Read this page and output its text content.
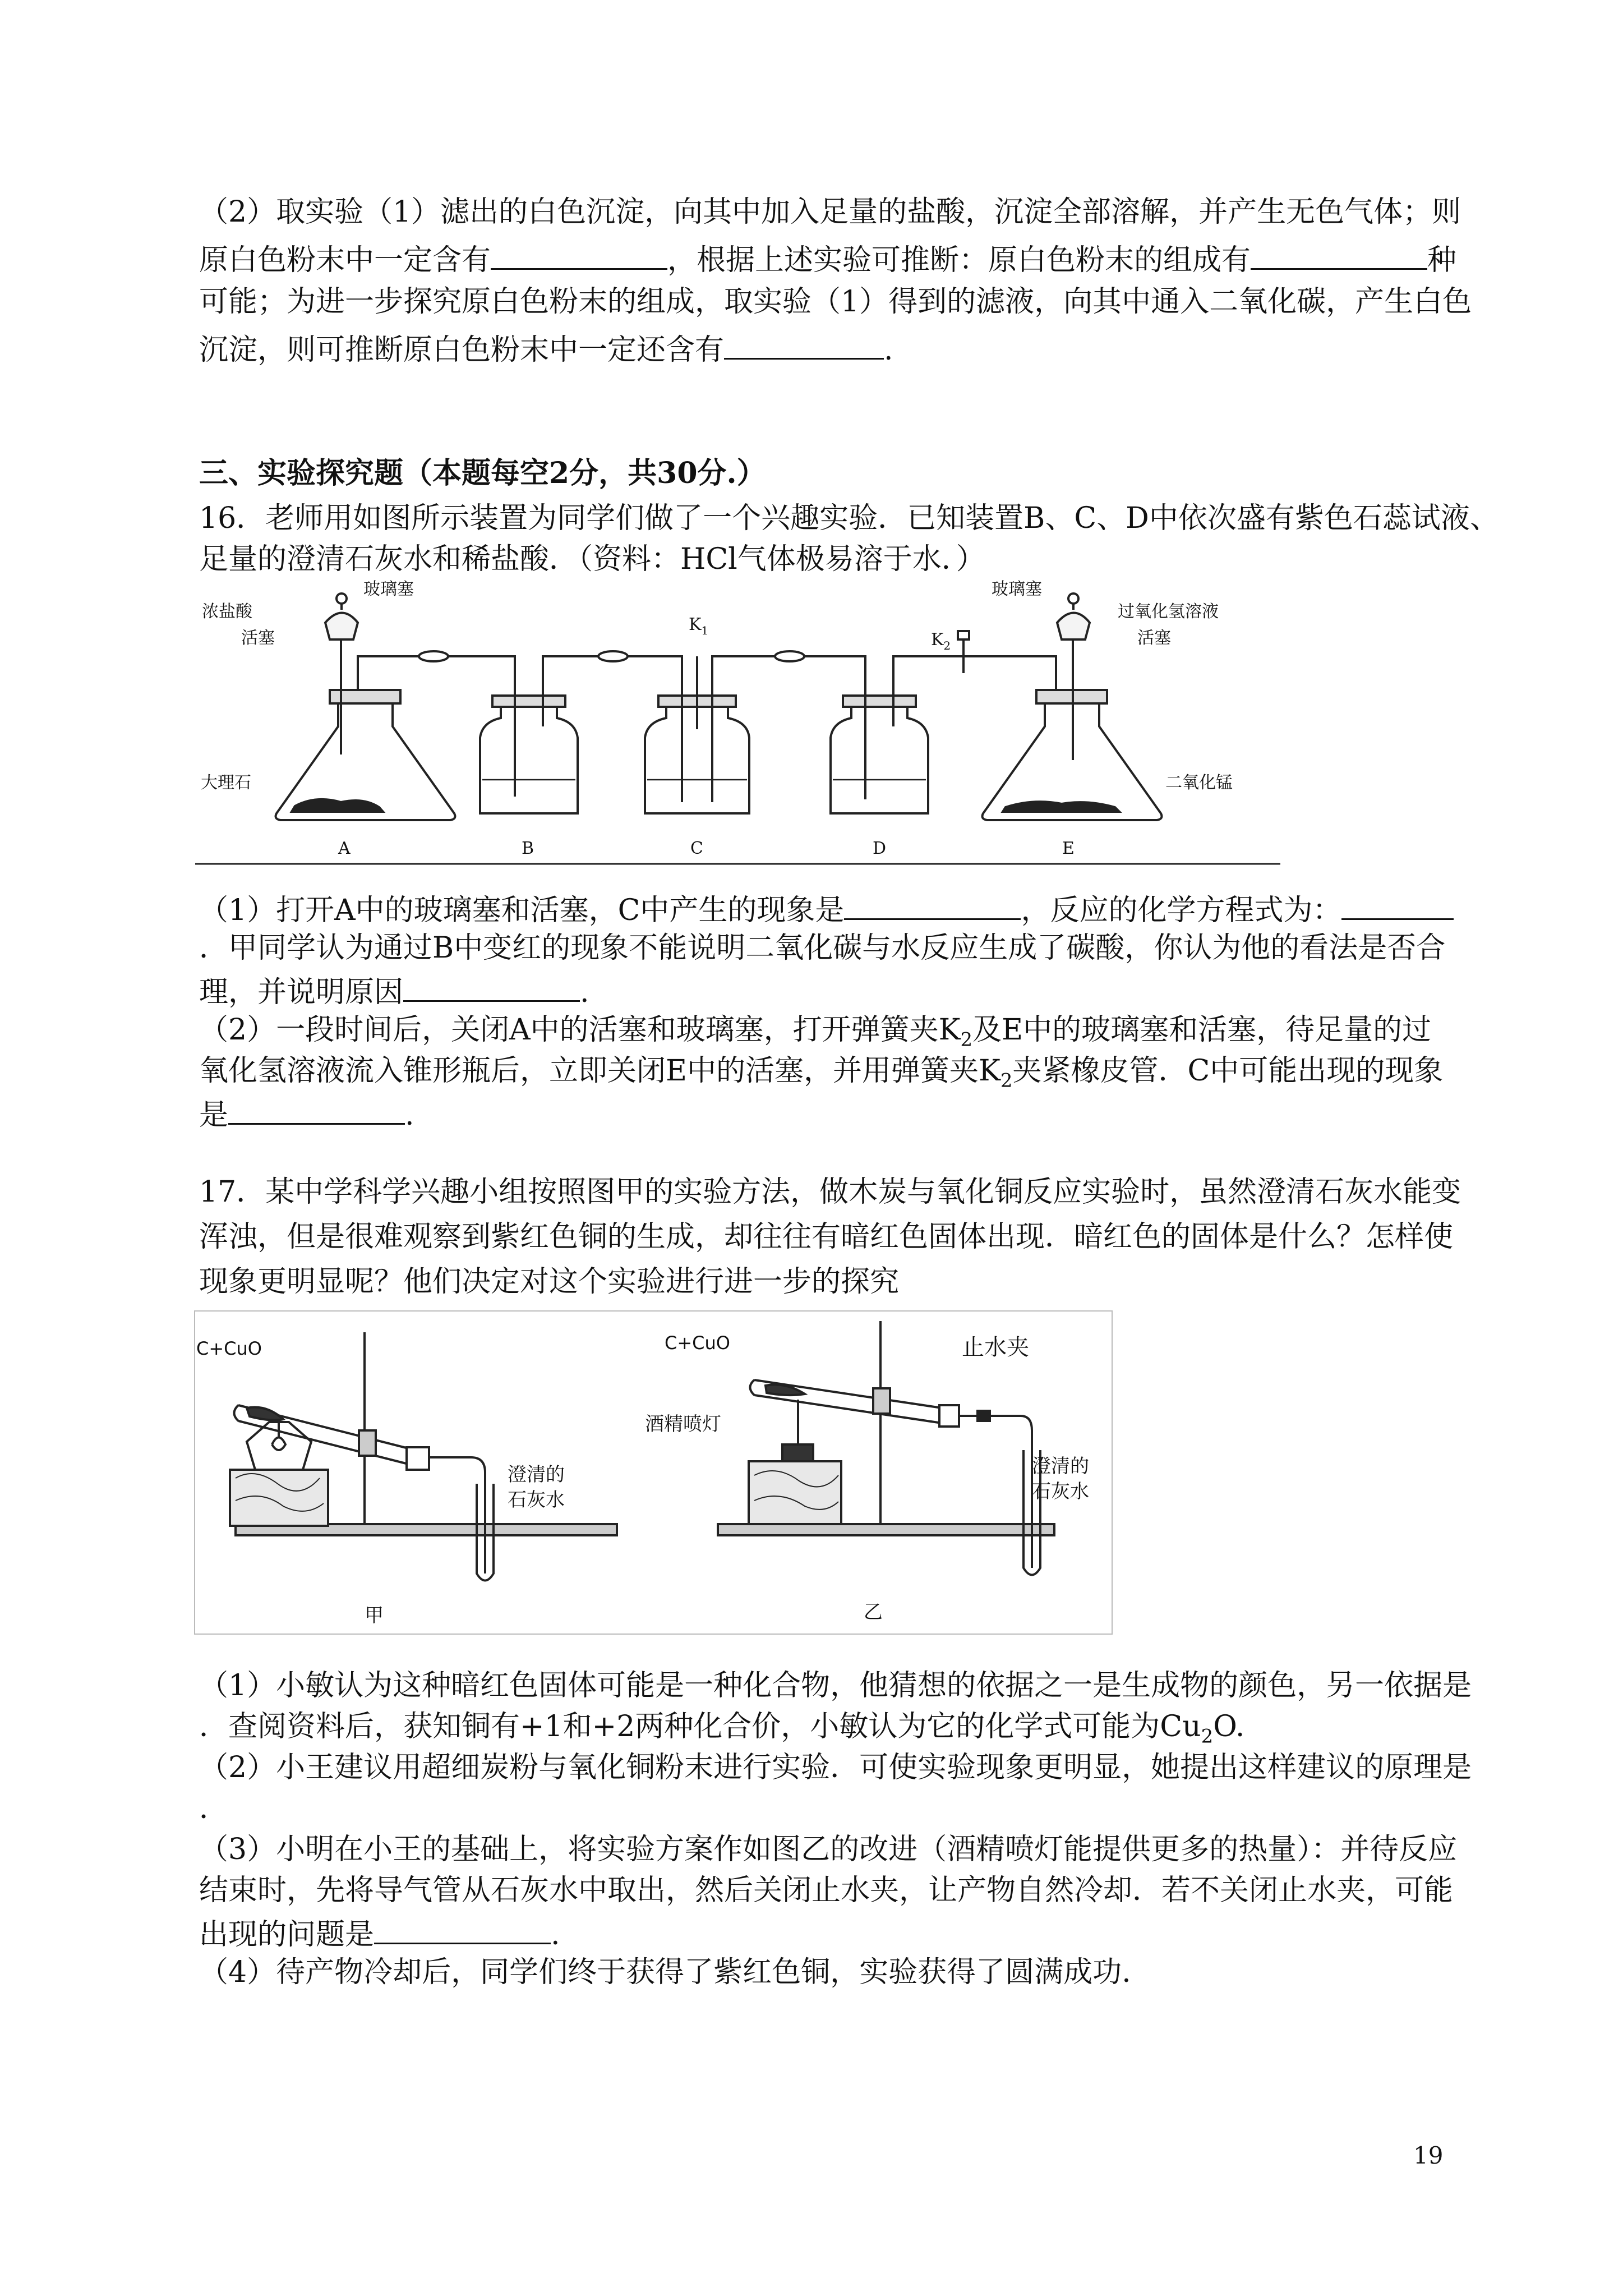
（2）取实验（1）滤出的白色沉淀，向其中加入足量的盐酸，沉淀全部溶解，并产生无色气体；则
原白色粉末中一定含有	，根据上述实验可推断：原白色粉末的组成有	种
可能；为进一步探究原白色粉末的组成，取实验（1）得到的滤液，向其中通入二氧化碳，产生白色
沉淀，则可推断原白色粉末中一定还含有	.
三、实验探究题（本题每空2分，共30分.）
16．老师用如图所示装置为同学们做了一个兴趣实验．已知装置B、C、D中依次盛有紫色石蕊试液、
足量的澄清石灰水和稀盐酸．（资料：HCl气体极易溶于水．）
浓盐酸
玻璃塞
活塞
大理石
$K_1$	$K_2$
玻璃塞
过氧化氢溶液
活塞
二氧化锰
A	B	C	D	E
（1）打开A中的玻璃塞和活塞，C中产生的现象是	，反应的化学方程式为：
．甲同学认为通过B中变红的现象不能说明二氧化碳与水反应生成了碳酸，你认为他的看法是否合
理，并说明原因	.
（2）一段时间后，关闭A中的活塞和玻璃塞，打开弹簧夹$K_2$及E中的玻璃塞和活塞，待足量的过
氧化氢溶液流入锥形瓶后，立即关闭E中的活塞，并用弹簧夹$K_2$夹紧橡皮管．C中可能出现的现象
是	.
17．某中学科学兴趣小组按照图甲的实验方法，做木炭与氧化铜反应实验时，虽然澄清石灰水能变
浑浊，但是很难观察到紫红色铜的生成，却往往有暗红色固体出现．暗红色的固体是什么？怎样使
现象更明显呢？他们决定对这个实验进行进一步的探究
C+CuO
澄清的
石灰水
甲
C+CuO	止水夹
酒精喷灯
澄清的
石灰水
乙
（1）小敏认为这种暗红色固体可能是一种化合物，他猜想的依据之一是生成物的颜色，另一依据是
．查阅资料后，获知铜有+1和+2两种化合价，小敏认为它的化学式可能为$Cu_2O$.
（2）小王建议用超细炭粉与氧化铜粉末进行实验．可使实验现象更明显，她提出这样建议的原理是
．
（3）小明在小王的基础上，将实验方案作如图乙的改进（酒精喷灯能提供更多的热量）：并待反应
结束时，先将导气管从石灰水中取出，然后关闭止水夹，让产物自然冷却．若不关闭止水夹，可能
出现的问题是	.
（4）待产物冷却后，同学们终于获得了紫红色铜，实验获得了圆满成功.
19
